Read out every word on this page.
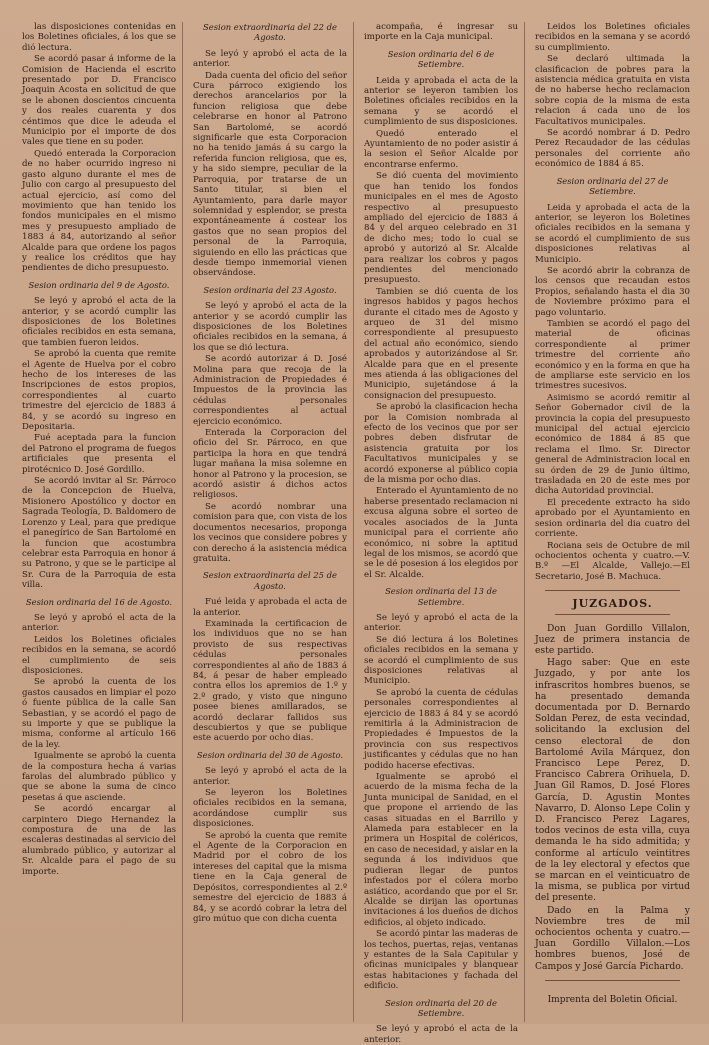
las disposiciones contenidas en los Boletines oficiales, á los que se dió lectura.

Se acordó pasar á informe de la Comision de Hacienda el escrito presentado por D. Francisco Joaquin Acosta en solicitud de que se le abonen doscientos cincuenta y dos reales cuarenta y dos céntimos que dice le adeuda el Municipio por el importe de dos vales que tiene en su poder.

Quedó enterada la Corporacion de no haber ocurrido ingreso ni gasto alguno durante el mes de Julio con cargo al presupuesto del actual ejercicio, así como del movimiento que han tenido los fondos municipales en el mismo mes y presupuesto ampliado de 1883 á 84, autorizando al señor Alcalde para que ordene los pagos y realice los créditos que hay pendientes de dicho presupuesto.

Sesion ordinaria del 9 de Agosto.

Se leyó y aprobó el acta de la anterior, y se acordó cumplir las disposiciones de los Boletines oficiales recibidos en esta semana, que tambien fueron leidos.

Se aprobó la cuenta que remite el Agente de Huelva por el cobro hecho de los intereses de las Inscripciones de estos propios, correspondientes al cuarto trimestre del ejercicio de 1883 á 84, y se acordó su ingreso en Depositaria.

Fué aceptada para la funcion del Patrono el programa de fuegos artificiales que presenta el pirotécnico D. José Gordillo.

Se acordó invitar al Sr. Párroco de la Concepcion de Huelva, Misionero Apostólico y doctor en Sagrada Teología, D. Baldomero de Lorenzo y Leal, para que predique el panegírico de San Bartolomé en la funcion que acostumbra celebrar esta Parroquia en honor á su Patrono, y que se le participe al Sr. Cura de la Parroquia de esta villa.

Sesion ordinaria del 16 de Agosto.

Se leyó y aprobó el acta de la anterior.

Leidos los Boletines oficiales recibidos en la semana, se acordó el cumplimiento de seis disposiciones.

Se aprobó la cuenta de los gastos causados en limpiar el pozo ó fuente pública de la calle San Sebastian, y se acordó el pago de su importe y que se publique la misma, conforme al artículo 166 de la ley.

Igualmente se aprobó la cuenta de la compostura hecha á varias farolas del alumbrado público y que se abone la suma de cinco pesetas á que asciende.

Se acordó encargar al carpintero Diego Hernandez la compostura de una de las escaleras destinadas al servicio del alumbrado público, y autorizar al Sr. Alcalde para el pago de su importe.

Sesion extraordinaria del 22 de Agosto.

Se leyó y aprobó el acta de la anterior.

Dada cuenta del oficio del señor Cura párroco exigiendo los derechos arancelarios por la funcion religiosa que debe celebrarse en honor al Patrono San Bartolomé, se acordó significarle que esta Corporacion no ha tenido jamás á su cargo la referida funcion religiosa, que es, y ha sido siempre, peculiar de la Parroquia, por tratarse de un Santo titular, si bien el Ayuntamiento, para darle mayor solemnidad y esplendor, se presta expontáneamente á costear los gastos que no sean propios del personal de la Parroquia, siguiendo en ello las prácticas que desde tiempo inmemorial vienen observándose.

Sesion ordinaria del 23 Agosto.

Se leyó y aprobó el acta de la anterior y se acordó cumplir las disposiciones de los Boletines oficiales recibidos en la semana, á los que se dió lectura.

Se acordó autorizar á D. José Molina para que recoja de la Administracion de Propiedades é Impuestos de la provincia las cédulas personales correspondientes al actual ejercicio económico.

Enterada la Corporacion del oficio del Sr. Párroco, en que participa la hora en que tendrá lugar mañana la misa solemne en honor al Patrono y la procesion, se acordó asistir á dichos actos religiosos.

Se acordó nombrar una comision para que, con vista de los documentos necesarios, proponga los vecinos que considere pobres y con derecho á la asistencia médica gratuita.

Sesion extraordinaria del 25 de Agosto.

Fué leida y aprobada el acta de la anterior.

Examinada la certificacion de los individuos que no se han provisto de sus respectivas cédulas personales correspondientes al año de 1883 á 84, á pesar de haber empleado contra ellos los apremios de 1.º y 2.º grado, y visto que ninguno posee bienes amillarados, se acordó declarar fallidos sus descubiertos y que se publique este acuerdo por ocho dias.

Sesion ordinaria del 30 de Agosto.

Se leyó y aprobó el acta de la anterior.

Se leyeron los Boletines oficiales recibidos en la semana, acordándose cumplir sus disposiciones.

Se aprobó la cuenta que remite el Agente de la Corporacion en Madrid por el cobro de los intereses del capital que la misma tiene en la Caja general de Depósitos, correspondientes al 2.º semestre del ejercicio de 1883 á 84, y se acordó cobrar la letra del giro mútuo que con dicha cuenta

acompaña, é ingresar su importe en la Caja municipal.

Sesion ordinaria del 6 de Setiembre.

Leida y aprobada el acta de la anterior se leyeron tambien los Boletines oficiales recibidos en la semana y se acordó el cumplimiento de sus disposiciones.

Quedó enterado el Ayuntamiento de no poder asistir á la sesion el Señor Alcalde por encontrarse enfermo.

Se dió cuenta del movimiento que han tenido los fondos municipales en el mes de Agosto respectivo al presupuesto ampliado del ejercicio de 1883 á 84 y del arqueo celebrado en 31 de dicho mes; todo lo cual se aprobó y autorizó al Sr. Alcalde para realizar los cobros y pagos pendientes del mencionado presupuesto.

Tambien se dió cuenta de los ingresos habidos y pagos hechos durante el citado mes de Agosto y arqueo de 31 del mismo correspondiente al presupuesto del actual año económico, siendo aprobados y autorizándose al Sr. Alcalde para que en el presente mes atienda á las obligaciones del Municipio, sujetándose á la consignacion del presupuesto.

Se aprobó la clasificacion hecha por la Comision nombrada al efecto de los vecinos que por ser pobres deben disfrutar de asistencia gratuita por los Facultativos municipales y se acordó exponerse al público copia de la misma por ocho dias.

Enterado el Ayuntamiento de no haberse presentado reclamacion ni excusa alguna sobre el sorteo de vocales asociados de la Junta municipal para el corriente año económico, ni sobre la aptitud legal de los mismos, se acordó que se le dé posesion á los elegidos por el Sr. Alcalde.

Sesion ordinaria del 13 de Setiembre.

Se leyó y aprobó el acta de la anterior.

Se dió lectura á los Boletines oficiales recibidos en la semana y se acordó el cumplimiento de sus disposiciones relativas al Municipio.

Se aprobó la cuenta de cédulas personales correspondientes al ejercicio de 1883 á 84 y se acordó remitirla á la Administracion de Propiedades é Impuestos de la provincia con sus respectivos justificantes y cédulas que no han podido hacerse efectivas.

Igualmente se aprobó el acuerdo de la misma fecha de la Junta municipal de Sanidad, en el que propone el arriendo de las casas situadas en el Barrillo y Alameda para establecer en la primera un Hospital de coléricos, en caso de necesidad, y aislar en la segunda á los individuos que pudieran llegar de puntos infestados por el cólera morbo asiático, acordando que por el Sr. Alcalde se dirijan las oportunas invitaciones á los dueños de dichos edificios, al objeto indicado.

Se acordó pintar las maderas de los techos, puertas, rejas, ventanas y estantes de la Sala Capitular y oficinas municipales y blanquear estas habitaciones y fachada del edificio.

Sesion ordinaria del 20 de Setiembre.

Se leyó y aprobó el acta de la anterior.

Leidos los Boletines oficiales recibidos en la semana y se acordó su cumplimiento.

Se declaró ultimada la clasificacion de pobres para la asistencia médica gratuita en vista de no haberse hecho reclamacion sobre copia de la misma de esta relacion á cada uno de los Facultativos municipales.

Se acordó nombrar á D. Pedro Perez Recaudador de las cédulas personales del corriente año económico de 1884 á 85.

Sesion ordinaria del 27 de Setiembre.

Leida y aprobada el acta de la anterior, se leyeron los Boletines oficiales recibidos en la semana y se acordó el cumplimiento de sus disposiciones relativas al Municipio.

Se acordó abrir la cobranza de los censos que recaudan estos Propios, señalando hasta el dia 30 de Noviembre próximo para el pago voluntario.

Tambien se acordó el pago del material de oficinas correspondiente al primer trimestre del corriente año económico y en la forma en que ha de ampliarse este servicio en los trimestres sucesivos.

Asimismo se acordó remitir al Señor Gobernador civil de la provincia la copia del presupuesto municipal del actual ejercicio económico de 1884 á 85 que reclama el Ilmo. Sr. Director general de Administracion local en su órden de 29 de Junio último, trasladada en 20 de este mes por dicha Autoridad provincial.

El precedente extracto ha sido aprobado por el Ayuntamiento en sesion ordinaria del dia cuatro del corriente.

Rociana seis de Octubre de mil ochocientos ochenta y cuatro.—V. B.º —El Alcalde, Vallejo.—El Secretario, José B. Machuca.

JUZGADOS.

Don Juan Gordillo Villalon, Juez de primera instancia de este partido.

Hago saber: Que en este Juzgado, y por ante los infrascritos hombres buenos, se ha presentado demanda documentada por D. Bernardo Soldan Perez, de esta vecindad, solicitando la exclusion del censo electoral de don Bartolomé Avila Márquez, don Francisco Lepe Perez, D. Francisco Cabrera Orihuela, D. Juan Gil Ramos, D. José Flores García, D. Agustin Montes Navarro, D. Alonso Lepe Colin y D. Francisco Perez Lagares, todos vecinos de esta villa, cuya demanda le ha sido admitida; y conforme al artículo veintitres de la ley electoral y efectos que se marcan en el veinticuatro de la misma, se publica por virtud del presente.

Dado en la Palma y Noviembre tres de mil ochocientos ochenta y cuatro.—Juan Gordillo Villalon.—Los hombres buenos, José de Campos y José García Pichardo.

Imprenta del Boletin Oficial.
